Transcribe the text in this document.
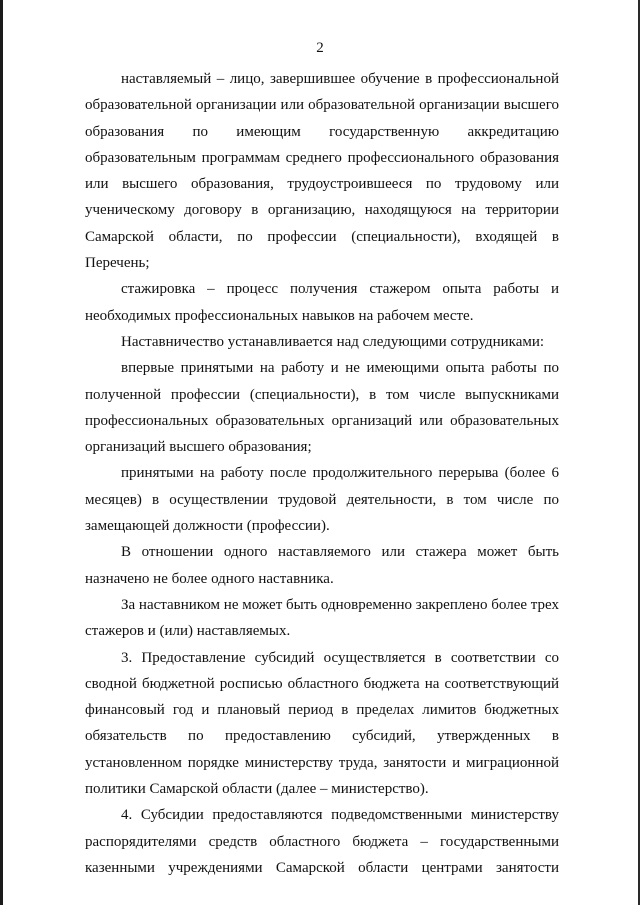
2

наставляемый – лицо, завершившее обучение в профессиональной образовательной организации или образовательной организации высшего образования по имеющим государственную аккредитацию образовательным программам среднего профессионального образования или высшего образования, трудоустроившееся по трудовому или ученическому договору в организацию, находящуюся на территории Самарской области, по профессии (специальности), входящей в Перечень;

стажировка – процесс получения стажером опыта работы и необходимых профессиональных навыков на рабочем месте.

Наставничество устанавливается над следующими сотрудниками:

впервые принятыми на работу и не имеющими опыта работы по полученной профессии (специальности), в том числе выпускниками профессиональных образовательных организаций или образовательных организаций высшего образования;

принятыми на работу после продолжительного перерыва (более 6 месяцев) в осуществлении трудовой деятельности, в том числе по замещающей должности (профессии).

В отношении одного наставляемого или стажера может быть назначено не более одного наставника.

За наставником не может быть одновременно закреплено более трех стажеров и (или) наставляемых.

3. Предоставление субсидий осуществляется в соответствии со сводной бюджетной росписью областного бюджета на соответствующий финансовый год и плановый период в пределах лимитов бюджетных обязательств по предоставлению субсидий, утвержденных в установленном порядке министерству труда, занятости и миграционной политики Самарской области (далее – министерство).

4. Субсидии предоставляются подведомственными министерству распорядителями средств областного бюджета – государственными казенными учреждениями Самарской области центрами занятости
